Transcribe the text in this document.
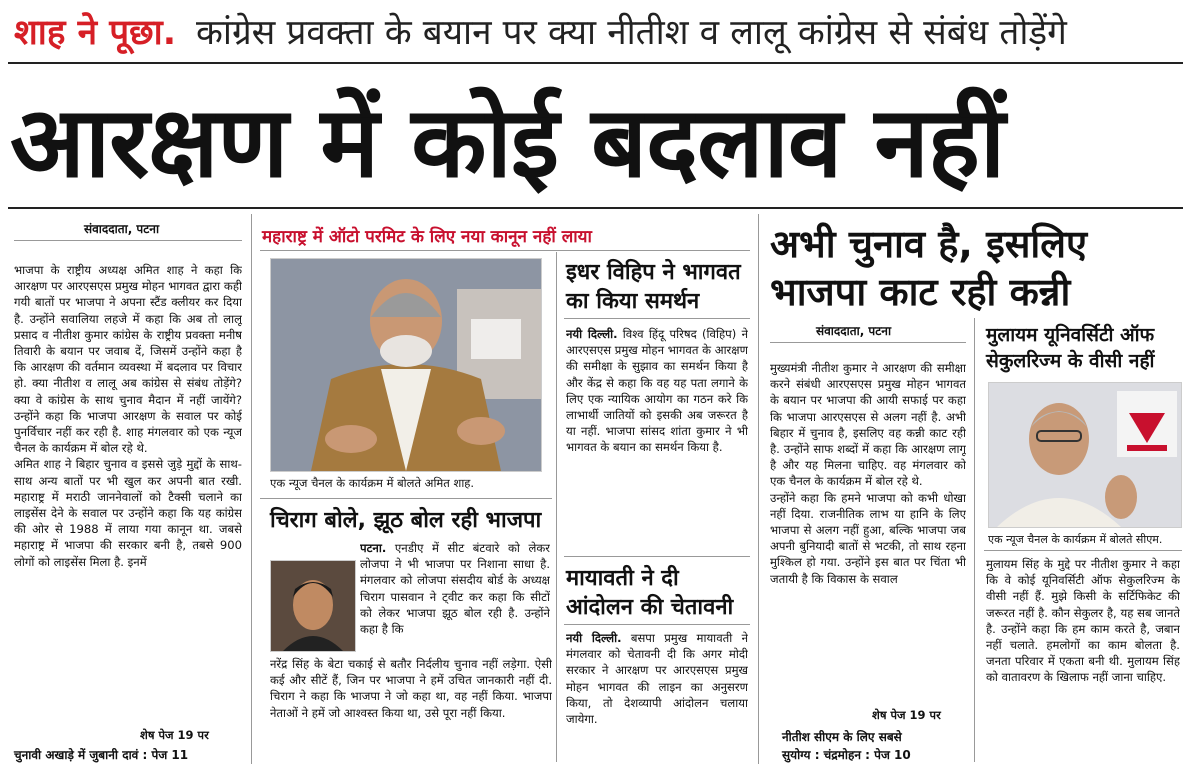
शाह ने पूछा. कांग्रेस प्रवक्ता के बयान पर क्या नीतीश व लालू कांग्रेस से संबंध तोड़ेंगे
आरक्षण में कोई बदलाव नहीं
संवाददाता, पटना
भाजपा के राष्ट्रीय अध्यक्ष अमित शाह ने कहा कि आरक्षण पर आरएसएस प्रमुख मोहन भागवत द्वारा कही गयी बातों पर भाजपा ने अपना स्टैंड क्लीयर कर दिया है. उन्होंने सवालिया लहजे में कहा कि अब तो लालू प्रसाद व नीतीश कुमार कांग्रेस के राष्ट्रीय प्रवक्ता मनीष तिवारी के बयान पर जवाब दें, जिसमें उन्होंने कहा है कि आरक्षण की वर्तमान व्यवस्था में बदलाव पर विचार हो. क्या नीतीश व लालू अब कांग्रेस से संबंध तोड़ेंगे? क्या वे कांग्रेस के साथ चुनाव मैदान में नहीं जायेंगे? उन्होंने कहा कि भाजपा आरक्षण के सवाल पर कोई पुनर्विचार नहीं कर रही है. शाह मंगलवार को एक न्यूज चैनल के कार्यक्रम में बोल रहे थे.
अमित शाह ने बिहार चुनाव व इससे जुड़े मुद्दों के साथ- साथ अन्य बातों पर भी खुल कर अपनी बात रखी. महाराष्ट्र में मराठी जाननेवालों को टैक्सी चलाने का लाइसेंस देने के सवाल पर उन्होंने कहा कि यह कांग्रेस की ओर से 1988 में लाया गया कानून था. जबसे महाराष्ट्र में भाजपा की सरकार बनी है, तबसे 900 लोगों को लाइसेंस मिला है. इनमें
शेष पेज 19 पर
चुनावी अखाड़े में जुबानी दावं : पेज 11
महाराष्ट्र में ऑटो परमिट के लिए नया कानून नहीं लाया
एक न्यूज चैनल के कार्यक्रम में बोलते अमित शाह.
चिराग बोले, झूठ बोल रही भाजपा
पटना. एनडीए में सीट बंटवारे को लेकर लोजपा ने भी भाजपा पर निशाना साधा है. मंगलवार को लोजपा संसदीय बोर्ड के अध्यक्ष चिराग पासवान ने ट्वीट कर कहा कि सीटों को लेकर भाजपा झूठ बोल रही है. उन्होंने कहा है कि
नरेंद्र सिंह के बेटा चकाई से बतौर निर्दलीय चुनाव नहीं लड़ेगा. ऐसी कई और सीटें हैं, जिन पर भाजपा ने हमें उचित जानकारी नहीं दी. चिराग ने कहा कि भाजपा ने जो कहा था, वह नहीं किया. भाजपा नेताओं ने हमें जो आश्वस्त किया था, उसे पूरा नहीं किया.
इधर विहिप ने भागवत का किया समर्थन
नयी दिल्ली. विश्व हिंदू परिषद (विहिप) ने आरएसएस प्रमुख मोहन भागवत के आरक्षण की समीक्षा के सुझाव का समर्थन किया है और केंद्र से कहा कि वह यह पता लगाने के लिए एक न्यायिक आयोग का गठन करे कि लाभार्थी जातियों को इसकी अब जरूरत है या नहीं. भाजपा सांसद शांता कुमार ने भी भागवत के बयान का समर्थन किया है.
मायावती ने दी आंदोलन की चेतावनी
नयी दिल्ली. बसपा प्रमुख मायावती ने मंगलवार को चेतावनी दी कि अगर मोदी सरकार ने आरक्षण पर आरएसएस प्रमुख मोहन भागवत की लाइन का अनुसरण किया, तो देशव्यापी आंदोलन चलाया जायेगा.
अभी चुनाव है, इसलिए भाजपा काट रही कन्नी
संवाददाता, पटना
मुख्यमंत्री नीतीश कुमार ने आरक्षण की समीक्षा करने संबंधी आरएसएस प्रमुख मोहन भागवत के बयान पर भाजपा की आयी सफाई पर कहा कि भाजपा आरएसएस से अलग नहीं है. अभी बिहार में चुनाव है, इसलिए वह कन्नी काट रही है. उन्होंने साफ शब्दों में कहा कि आरक्षण लागू है और यह मिलना चाहिए. वह मंगलवार को एक चैनल के कार्यक्रम में बोल रहे थे.
उन्होंने कहा कि हमने भाजपा को कभी धोखा नहीं दिया. राजनीतिक लाभ या हानि के लिए भाजपा से अलग नहीं हुआ, बल्कि भाजपा जब अपनी बुनियादी बातों से भटकी, तो साथ रहना मुश्किल हो गया. उन्होंने इस बात पर चिंता भी जतायी है कि विकास के सवाल
शेष पेज 19 पर
नीतीश सीएम के लिए सबसे
सुयोग्य : चंद्रमोहन : पेज 10
मुलायम यूनिवर्सिटी ऑफ सेकुलरिज्म के वीसी नहीं
एक न्यूज चैनल के कार्यक्रम में बोलते सीएम.
मुलायम सिंह के मुद्दे पर नीतीश कुमार ने कहा कि वे कोई यूनिवर्सिटी ऑफ सेकुलरिज्म के वीसी नहीं हैं. मुझे किसी के सर्टिफिकेट की जरूरत नहीं है. कौन सेकुलर है, यह सब जानते है. उन्होंने कहा कि हम काम करते है, जबान नहीं चलाते. हमलोगों का काम बोलता है. जनता परिवार में एकता बनी थी. मुलायम सिंह को वातावरण के खिलाफ नहीं जाना चाहिए.
